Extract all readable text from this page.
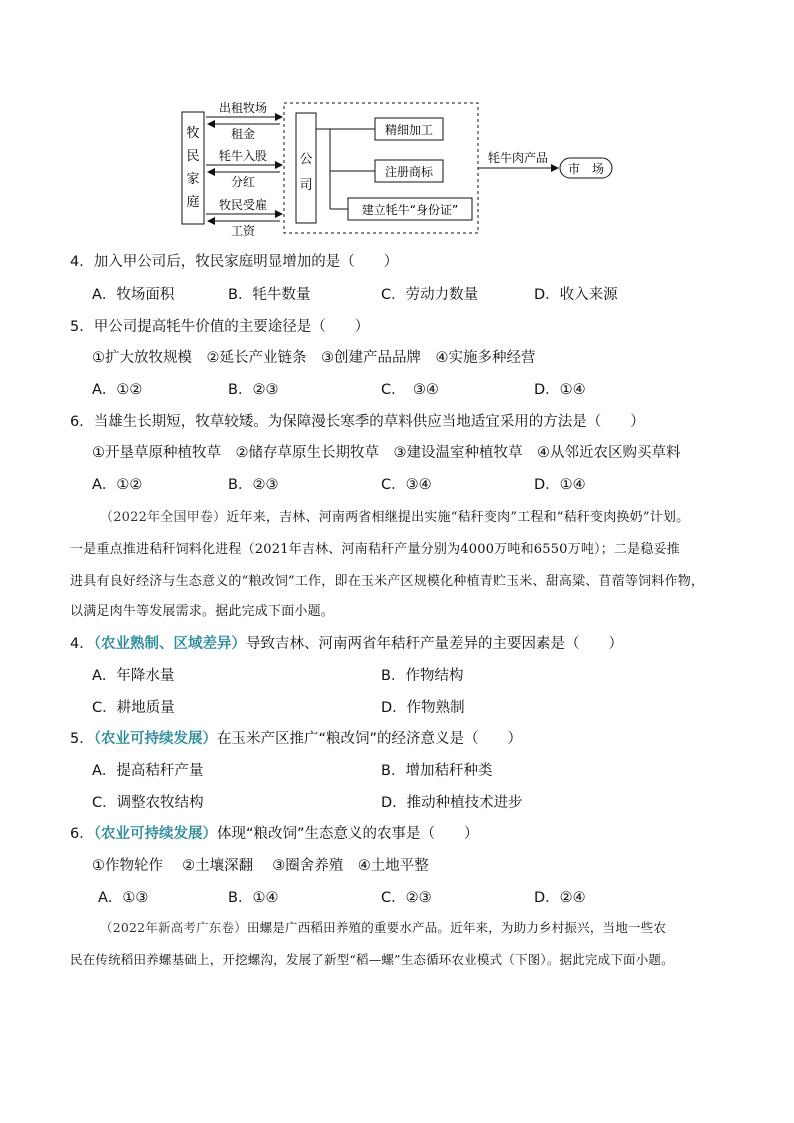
牧
民
家
庭
公
司
出租牧场
租金
牦牛入股
分红
牧民受雇
工资
精细加工
注册商标
建立牦牛“身份证”
牦牛肉产品
市　场
4．加入甲公司后，牧民家庭明显增加的是（　　）
A．牧场面积	B．牦牛数量	C．劳动力数量	D．收入来源
5．甲公司提高牦牛价值的主要途径是（　　）
①扩大放牧规模　②延长产业链条　③创建产品品牌　④实施多种经营
A．①②	B．②③	C．　③④	D．①④
6．当雄生长期短，牧草较矮。为保障漫长寒季的草料供应当地适宜采用的方法是（　　）
①开垦草原种植牧草　②储存草原生长期牧草　③建设温室种植牧草　④从邻近农区购买草料
A．①②	B．②③	C．③④	D．①④
（2022年全国甲卷）近年来，吉林、河南两省相继提出实施“秸秆变肉”工程和“秸秆变肉换奶”计划。
一是重点推进秸秆饲料化进程（2021年吉林、河南秸秆产量分别为4000万吨和6550万吨）；二是稳妥推
进具有良好经济与生态意义的“粮改饲”工作，即在玉米产区规模化种植青贮玉米、甜高粱、苜蓿等饲料作物，
以满足肉牛等发展需求。据此完成下面小题。
4．（农业熟制、区域差异）导致吉林、河南两省年秸秆产量差异的主要因素是（　　）
A．年降水量	B．作物结构
C．耕地质量	D．作物熟制
5．（农业可持续发展）在玉米产区推广“粮改饲”的经济意义是（　　）
A．提高秸秆产量	B．增加秸秆种类
C．调整农牧结构	D．推动种植技术进步
6．（农业可持续发展）体现“粮改饲”生态意义的农事是（　　）
①作物轮作　 ②土壤深翻　 ③圈舍养殖　④土地平整
A．①③	B．①④	C．②③	D．②④
（2022年新高考广东卷）田螺是广西稻田养殖的重要水产品。近年来，为助力乡村振兴，当地一些农
民在传统稻田养螺基础上，开挖螺沟，发展了新型“稻—螺”生态循环农业模式（下图）。据此完成下面小题。
